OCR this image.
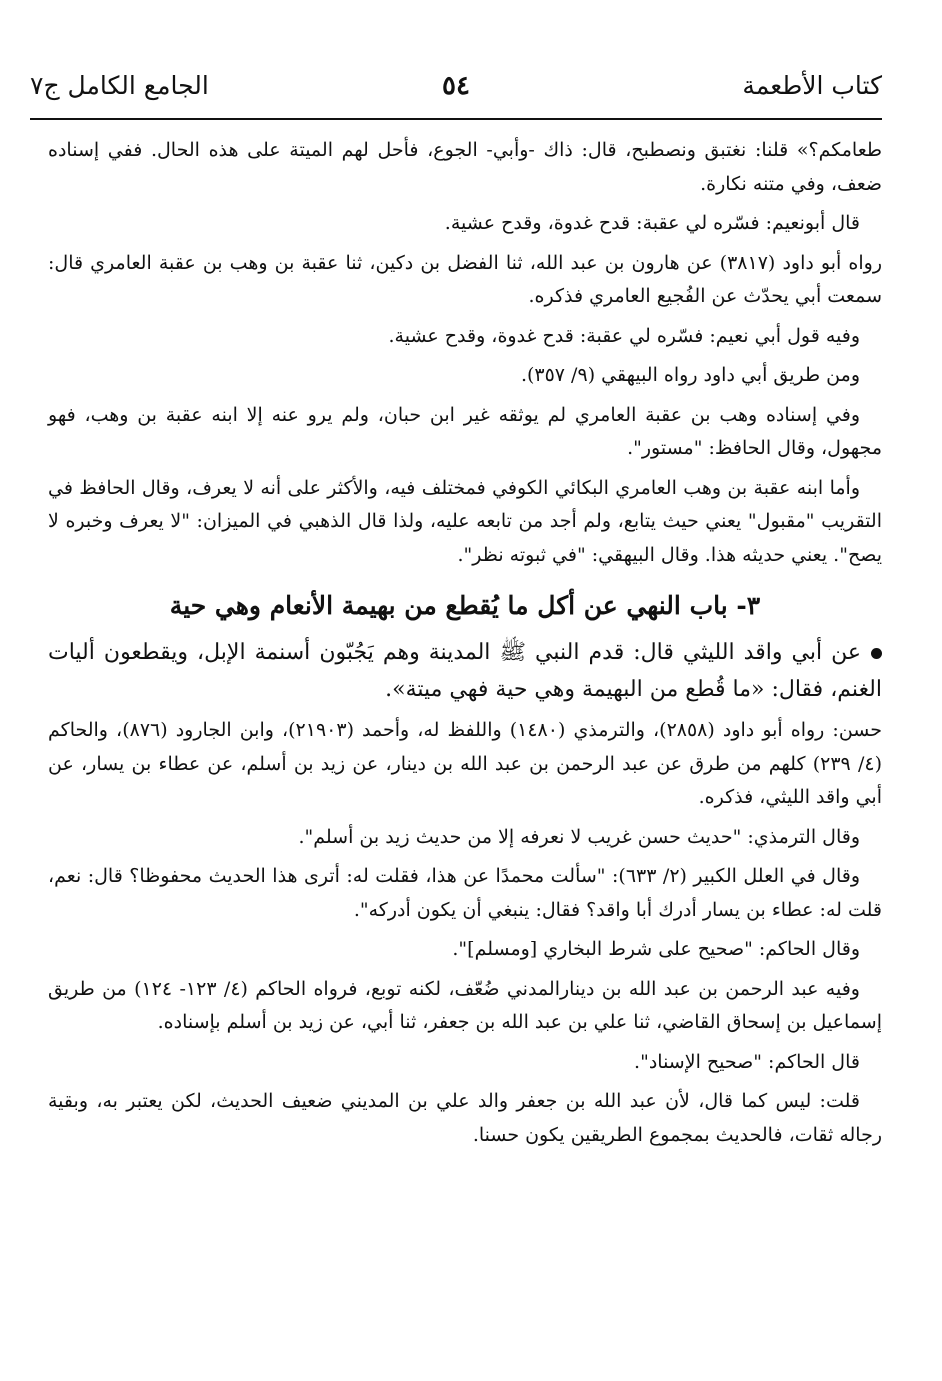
كتاب الأطعمة
٥٤
الجامع الكامل ج٧

طعامكم؟» قلنا: نغتبق ونصطبح، قال: ذاك -وأبي- الجوع، فأحل لهم الميتة على هذه الحال. ففي إسناده ضعف، وفي متنه نكارة.

قال أبونعيم: فسّره لي عقبة: قدح غدوة، وقدح عشية.

رواه أبو داود (٣٨١٧) عن هارون بن عبد الله، ثنا الفضل بن دكين، ثنا عقبة بن وهب بن عقبة العامري قال: سمعت أبي يحدّث عن الفُجيع العامري فذكره.

وفيه قول أبي نعيم: فسّره لي عقبة: قدح غدوة، وقدح عشية.

ومن طريق أبي داود رواه البيهقي (٩/ ٣٥٧).

وفي إسناده وهب بن عقبة العامري لم يوثقه غير ابن حبان، ولم يرو عنه إلا ابنه عقبة بن وهب، فهو مجهول، وقال الحافظ: "مستور".

وأما ابنه عقبة بن وهب العامري البكائي الكوفي فمختلف فيه، والأكثر على أنه لا يعرف، وقال الحافظ في التقريب "مقبول" يعني حيث يتابع، ولم أجد من تابعه عليه، ولذا قال الذهبي في الميزان: "لا يعرف وخبره لا يصح". يعني حديثه هذا. وقال البيهقي: "في ثبوته نظر".

٣- باب النهي عن أكل ما يُقطع من بهيمة الأنعام وهي حية

عن أبي واقد الليثي قال: قدم النبي ﷺ المدينة وهم يَجُبّون أسنمة الإبل، ويقطعون أليات الغنم، فقال: «ما قُطع من البهيمة وهي حية فهي ميتة».

حسن: رواه أبو داود (٢٨٥٨)، والترمذي (١٤٨٠) واللفظ له، وأحمد (٢١٩٠٣)، وابن الجارود (٨٧٦)، والحاكم (٤/ ٢٣٩) كلهم من طرق عن عبد الرحمن بن عبد الله بن دينار، عن زيد بن أسلم، عن عطاء بن يسار، عن أبي واقد الليثي، فذكره.

وقال الترمذي: "حديث حسن غريب لا نعرفه إلا من حديث زيد بن أسلم".

وقال في العلل الكبير (٢/ ٦٣٣): "سألت محمدًا عن هذا، فقلت له: أترى هذا الحديث محفوظا؟ قال: نعم، قلت له: عطاء بن يسار أدرك أبا واقد؟ فقال: ينبغي أن يكون أدركه".

وقال الحاكم: "صحيح على شرط البخاري [ومسلم]".

وفيه عبد الرحمن بن عبد الله بن دينارالمدني ضُعّف، لكنه توبع، فرواه الحاكم (٤/ ١٢٣- ١٢٤) من طريق إسماعيل بن إسحاق القاضي، ثنا علي بن عبد الله بن جعفر، ثنا أبي، عن زيد بن أسلم بإسناده.

قال الحاكم: "صحيح الإسناد".

قلت: ليس كما قال، لأن عبد الله بن جعفر والد علي بن المديني ضعيف الحديث، لكن يعتبر به، وبقية رجاله ثقات، فالحديث بمجموع الطريقين يكون حسنا.
